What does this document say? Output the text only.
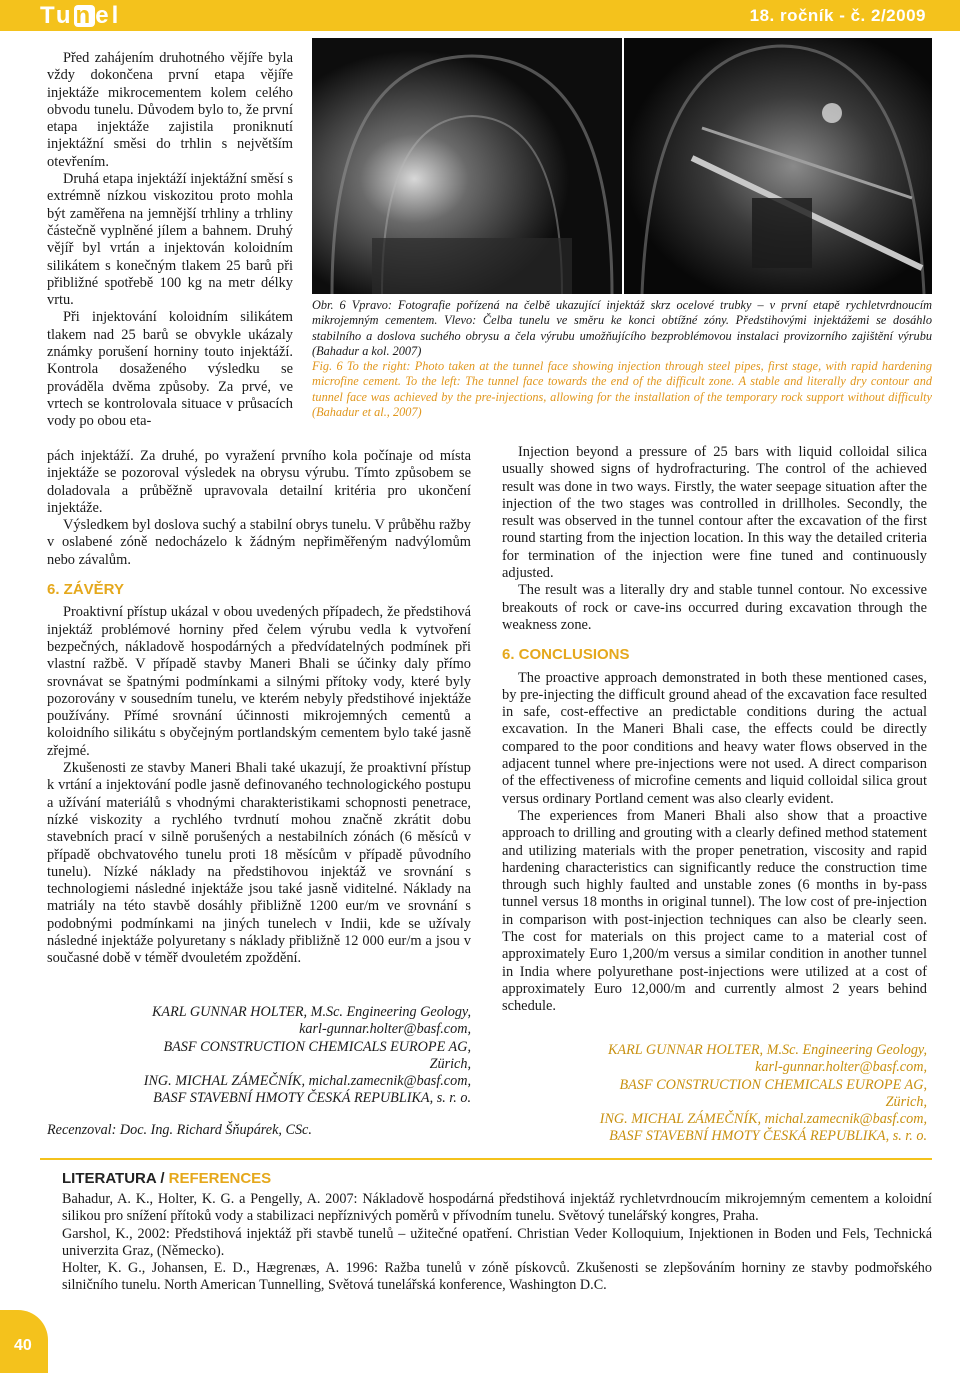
Tunel	18. ročník - č. 2/2009

Před zahájením druhotného vějíře byla vždy dokončena první etapa vějíře injektáže mikrocementem kolem celého obvodu tunelu. Důvodem bylo to, že první etapa injektáže zajistila proniknutí injektážní směsi do trhlin s největším otevřením.

Druhá etapa injektáží injektážní směsí s extrémně nízkou viskozitou proto mohla být zaměřena na jemnější trhliny a trhliny částečně vyplněné jílem a bahnem. Druhý vějíř byl vrtán a injektován koloidním silikátem s konečným tlakem 25 barů při přibližné spotřebě 100 kg na metr délky vrtu.

Při injektování koloidním silikátem tlakem nad 25 barů se obvykle ukázaly známky porušení horniny touto injektáží. Kontrola dosaženého výsledku se prováděla dvěma způsoby. Za prvé, ve vrtech se kontrolovala situace v průsacích vody po obou eta-

Obr. 6 Vpravo: Fotografie pořízená na čelbě ukazující injektáž skrz ocelové trubky – v první etapě rychletvrdnoucím mikrojemným cementem. Vlevo: Čelba tunelu ve směru ke konci obtížné zóny. Předstihovými injektážemi se dosáhlo stabilního a doslova suchého obrysu a čela výrubu umožňujícího bezproblémovou instalaci provizorního zajištění výrubu (Bahadur a kol. 2007)
Fig. 6 To the right: Photo taken at the tunnel face showing injection through steel pipes, first stage, with rapid hardening microfine cement. To the left: The tunnel face towards the end of the difficult zone. A stable and literally dry contour and tunnel face was achieved by the pre-injections, allowing for the installation of the temporary rock support without difficulty (Bahadur et al., 2007)

pách injektáží. Za druhé, po vyražení prvního kola počínaje od místa injektáže se pozoroval výsledek na obrysu výrubu. Tímto způsobem se doladovala a průběžně upravovala detailní kritéria pro ukončení injektáže.

Výsledkem byl doslova suchý a stabilní obrys tunelu. V průběhu ražby v oslabené zóně nedocházelo k žádným nepřiměřeným nadvýlomům nebo závalům.

6. ZÁVĚRY

Proaktivní přístup ukázal v obou uvedených případech, že předstihová injektáž problémové horniny před čelem výrubu vedla k vytvoření bezpečných, nákladově hospodárných a předvídatelných podmínek při vlastní ražbě. V případě stavby Maneri Bhali se účinky daly přímo srovnávat se špatnými podmínkami a silnými přítoky vody, které byly pozorovány v sousedním tunelu, ve kterém nebyly předstihové injektáže používány. Přímé srovnání účinnosti mikrojemných cementů a koloidního silikátu s obyčejným portlandským cementem bylo také jasně zřejmé.

Zkušenosti ze stavby Maneri Bhali také ukazují, že proaktivní přístup k vrtání a injektování podle jasně definovaného technologického postupu a užívání materiálů s vhodnými charakteristikami schopnosti penetrace, nízké viskozity a rychlého tvrdnutí mohou značně zkrátit dobu stavebních prací v silně porušených a nestabilních zónách (6 měsíců v případě obchvatového tunelu proti 18 měsícům v případě původního tunelu). Nízké náklady na předstihovou injektáž ve srovnání s technologiemi následné injektáže jsou také jasně viditelné. Náklady na matriály na této stavbě dosáhly přibližně 1200 eur/m ve srovnání s podobnými podmínkami na jiných tunelech v Indii, kde se užívaly následné injektáže polyuretany s náklady přibližně 12 000 eur/m a jsou v současné době v téměř dvouletém zpoždění.

KARL GUNNAR HOLTER, M.Sc. Engineering Geology,
karl-gunnar.holter@basf.com,
BASF CONSTRUCTION CHEMICALS EUROPE AG,
Zürich,
ING. MICHAL ZÁMEČNÍK, michal.zamecnik@basf.com,
BASF STAVEBNÍ HMOTY ČESKÁ REPUBLIKA, s. r. o.
Recenzoval: Doc. Ing. Richard Šňupárek, CSc.

Injection beyond a pressure of 25 bars with liquid colloidal silica usually showed signs of hydrofracturing. The control of the achieved result was done in two ways. Firstly, the water seepage situation after the injection of the two stages was controlled in drillholes. Secondly, the result was observed in the tunnel contour after the excavation of the first round starting from the injection location. In this way the detailed criteria for termination of the injection were fine tuned and continuously adjusted.

The result was a literally dry and stable tunnel contour. No excessive breakouts of rock or cave-ins occurred during excavation through the weakness zone.

6. CONCLUSIONS

The proactive approach demonstrated in both these mentioned cases, by pre-injecting the difficult ground ahead of the excavation face resulted in safe, cost-effective an predictable conditions during the actual excavation. In the Maneri Bhali case, the effects could be directly compared to the poor conditions and heavy water flows observed in the adjacent tunnel where pre-injections were not used. A direct comparison of the effectiveness of microfine cements and liquid colloidal silica grout versus ordinary Portland cement was also clearly evident.

The experiences from Maneri Bhali also show that a proactive approach to drilling and grouting with a clearly defined method statement and utilizing materials with the proper penetration, viscosity and rapid hardening characteristics can significantly reduce the construction time through such highly faulted and unstable zones (6 months in by-pass tunnel versus 18 months in original tunnel). The low cost of pre-injection in comparison with post-injection techniques can also be clearly seen. The cost for materials on this project came to a material cost of approximately Euro 1,200/m versus a similar condition in another tunnel in India where polyurethane post-injections were utilized at a cost of approximately Euro 12,000/m and currently almost 2 years behind schedule.

KARL GUNNAR HOLTER, M.Sc. Engineering Geology,
karl-gunnar.holter@basf.com,
BASF CONSTRUCTION CHEMICALS EUROPE AG,
Zürich,
ING. MICHAL ZÁMEČNÍK, michal.zamecnik@basf.com,
BASF STAVEBNÍ HMOTY ČESKÁ REPUBLIKA, s. r. o.
LITERATURA / REFERENCES

Bahadur, A. K., Holter, K. G. a Pengelly, A. 2007: Nákladově hospodárná předstihová injektáž rychletvrdnoucím mikrojemným cementem a koloidní silikou pro snížení přítoků vody a stabilizaci nepříznivých poměrů v přívodním tunelu. Světový tunelářský kongres, Praha.

Garshol, K., 2002: Předstihová injektáž při stavbě tunelů – užitečné opatření. Christian Veder Kolloquium, Injektionen in Boden und Fels, Technická univerzita Graz, (Německo).

Holter, K. G., Johansen, E. D., Hægrenæs, A. 1996: Ražba tunelů v zóně pískovců. Zkušenosti se zlepšováním horniny ze stavby podmořského silničního tunelu. North American Tunnelling, Světová tunelářská konference, Washington D.C.

40
